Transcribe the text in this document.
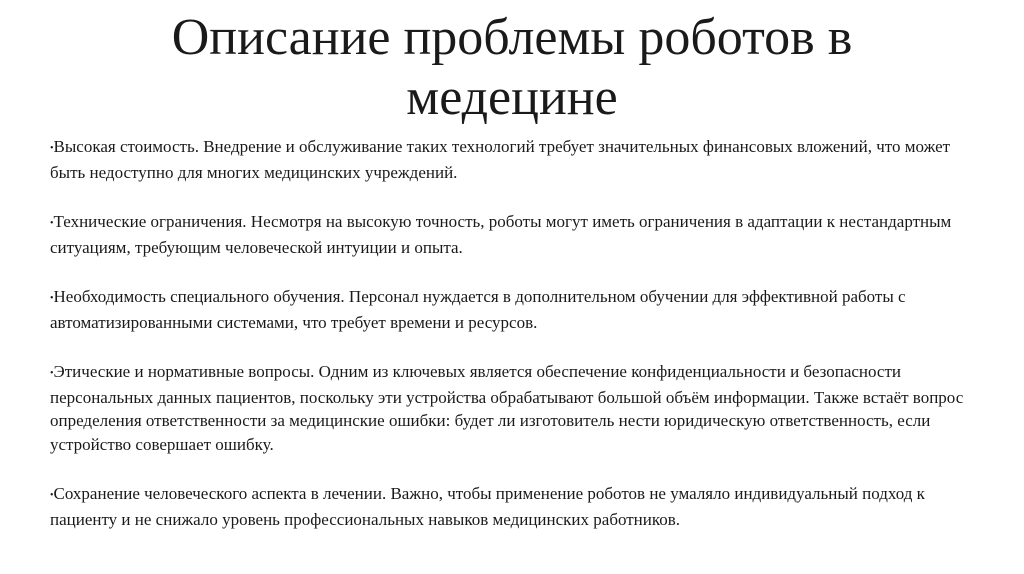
Описание проблемы роботов в медецине
•Высокая стоимость. Внедрение и обслуживание таких технологий требует значительных финансовых вложений, что может быть недоступно для многих медицинских учреждений.
•Технические ограничения. Несмотря на высокую точность, роботы могут иметь ограничения в адаптации к нестандартным ситуациям, требующим человеческой интуиции и опыта.
•Необходимость специального обучения. Персонал нуждается в дополнительном обучении для эффективной работы с автоматизированными системами, что требует времени и ресурсов.
•Этические и нормативные вопросы. Одним из ключевых является обеспечение конфиденциальности и безопасности персональных данных пациентов, поскольку эти устройства обрабатывают большой объём информации. Также встаёт вопрос определения ответственности за медицинские ошибки: будет ли изготовитель нести юридическую ответственность, если устройство совершает ошибку.
•Сохранение человеческого аспекта в лечении. Важно, чтобы применение роботов не умаляло индивидуальный подход к пациенту и не снижало уровень профессиональных навыков медицинских работников.
